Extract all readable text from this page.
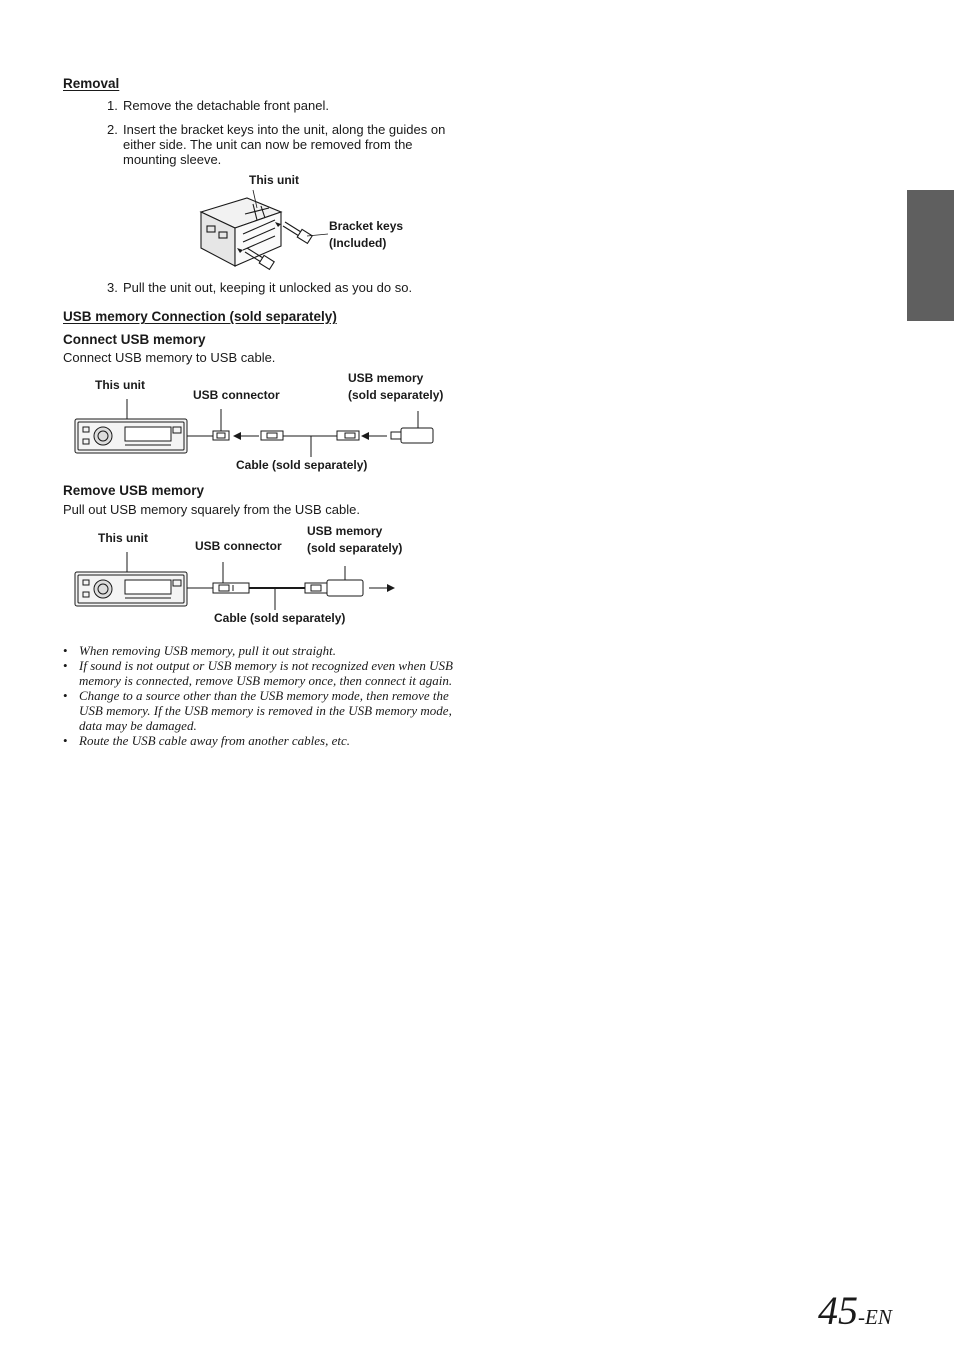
Removal
1. Remove the detachable front panel.
2. Insert the bracket keys into the unit, along the guides on either side. The unit can now be removed from the mounting sleeve.
This unit
Bracket keys
(Included)
3. Pull the unit out, keeping it unlocked as you do so.
USB memory Connection (sold separately)
Connect USB memory
Connect USB memory to USB cable.
This unit
USB connector
USB memory
(sold separately)
Cable (sold separately)
Remove USB memory
Pull out USB memory squarely from the USB cable.
This unit
USB connector
USB memory
(sold separately)
Cable (sold separately)
• When removing USB memory, pull it out straight.
• If sound is not output or USB memory is not recognized even when USB memory is connected, remove USB memory once, then connect it again.
• Change to a source other than the USB memory mode, then remove the USB memory. If the USB memory is removed in the USB memory mode, data may be damaged.
• Route the USB cable away from another cables, etc.
45-EN
